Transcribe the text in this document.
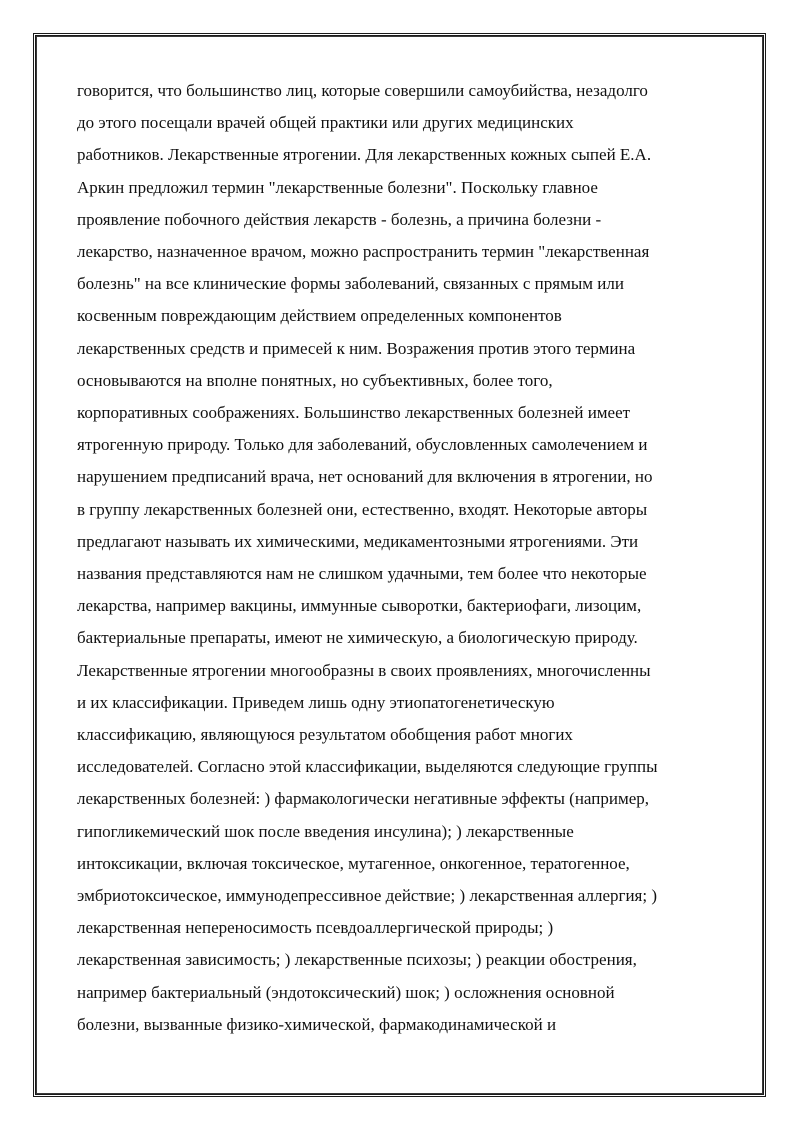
говорится, что большинство лиц, которые совершили самоубийства, незадолго
до этого посещали врачей общей практики или других медицинских
работников. Лекарственные ятрогении. Для лекарственных кожных сыпей Е.А.
Аркин предложил термин "лекарственные болезни". Поскольку главное
проявление побочного действия лекарств - болезнь, а причина болезни -
лекарство, назначенное врачом, можно распространить термин "лекарственная
болезнь" на все клинические формы заболеваний, связанных с прямым или
косвенным повреждающим действием определенных компонентов
лекарственных средств и примесей к ним. Возражения против этого термина
основываются на вполне понятных, но субъективных, более того,
корпоративных соображениях. Большинство лекарственных болезней имеет
ятрогенную природу. Только для заболеваний, обусловленных самолечением и
нарушением предписаний врача, нет оснований для включения в ятрогении, но
в группу лекарственных болезней они, естественно, входят. Некоторые авторы
предлагают называть их химическими, медикаментозными ятрогениями. Эти
названия представляются нам не слишком удачными, тем более что некоторые
лекарства, например вакцины, иммунные сыворотки, бактериофаги, лизоцим,
бактериальные препараты, имеют не химическую, а биологическую природу.
Лекарственные ятрогении многообразны в своих проявлениях, многочисленны
и их классификации. Приведем лишь одну этиопатогенетическую
классификацию, являющуюся результатом обобщения работ многих
исследователей. Согласно этой классификации, выделяются следующие группы
лекарственных болезней: ) фармакологически негативные эффекты (например,
гипогликемический шок после введения инсулина); ) лекарственные
интоксикации, включая токсическое, мутагенное, онкогенное, тератогенное,
эмбриотоксическое, иммунодепрессивное действие; ) лекарственная аллергия; )
лекарственная непереносимость псевдоаллергической природы; )
лекарственная зависимость; ) лекарственные психозы; ) реакции обострения,
например бактериальный (эндотоксический) шок; ) осложнения основной
болезни, вызванные физико-химической, фармакодинамической и
